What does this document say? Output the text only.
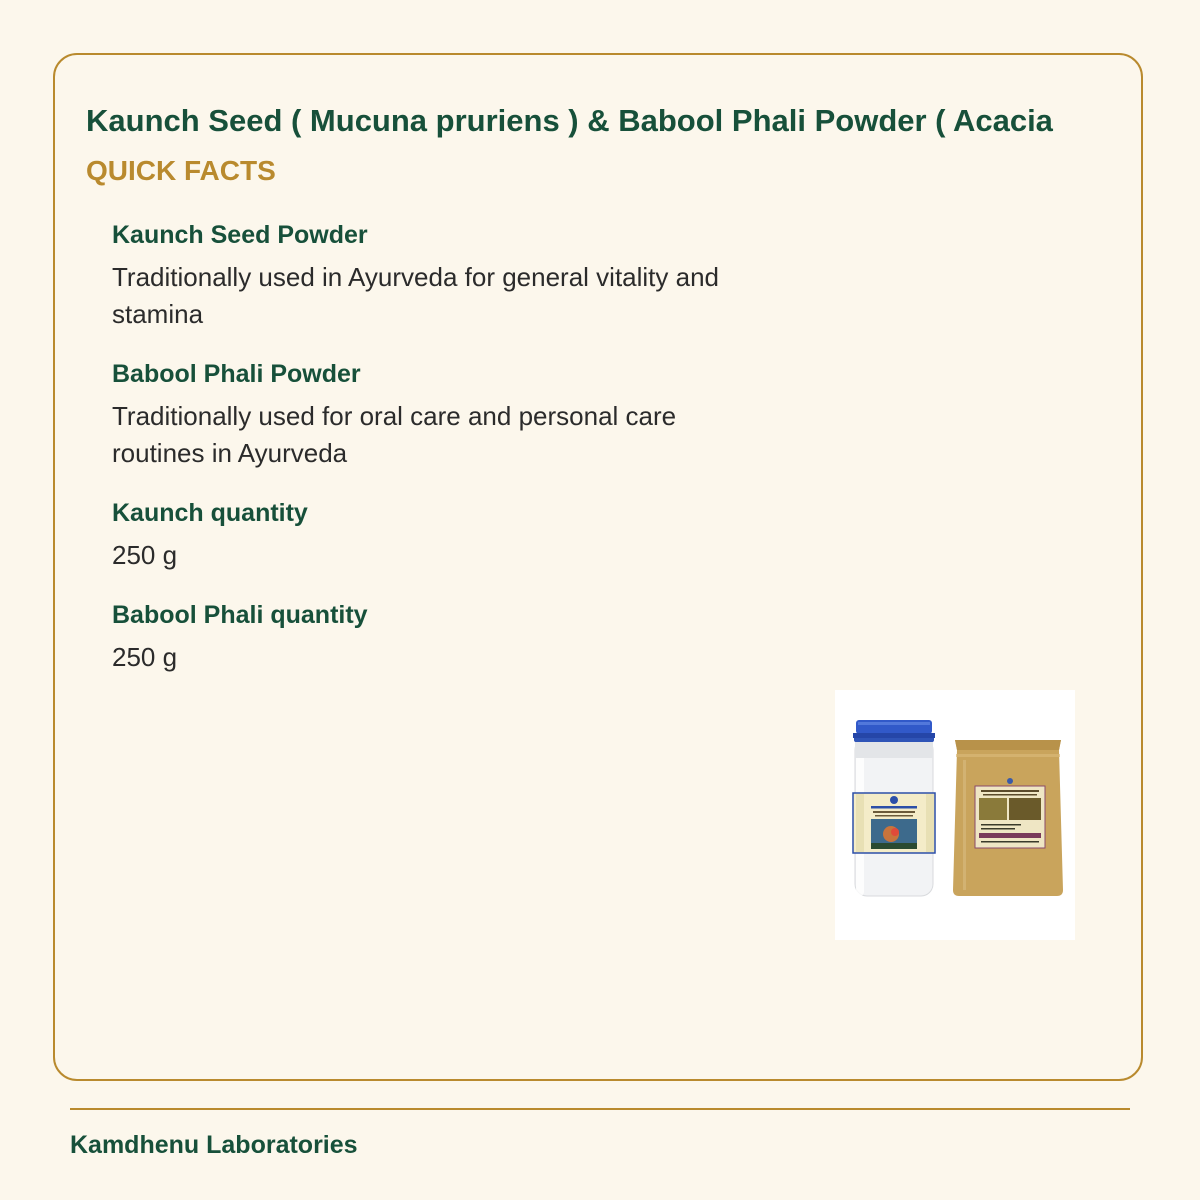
Kaunch Seed ( Mucuna pruriens ) & Babool Phali Powder ( Acacia
QUICK FACTS
Kaunch Seed Powder
Traditionally used in Ayurveda for general vitality and stamina
Babool Phali Powder
Traditionally used for oral care and personal care routines in Ayurveda
Kaunch quantity
250 g
Babool Phali quantity
250 g
Kamdhenu Laboratories
